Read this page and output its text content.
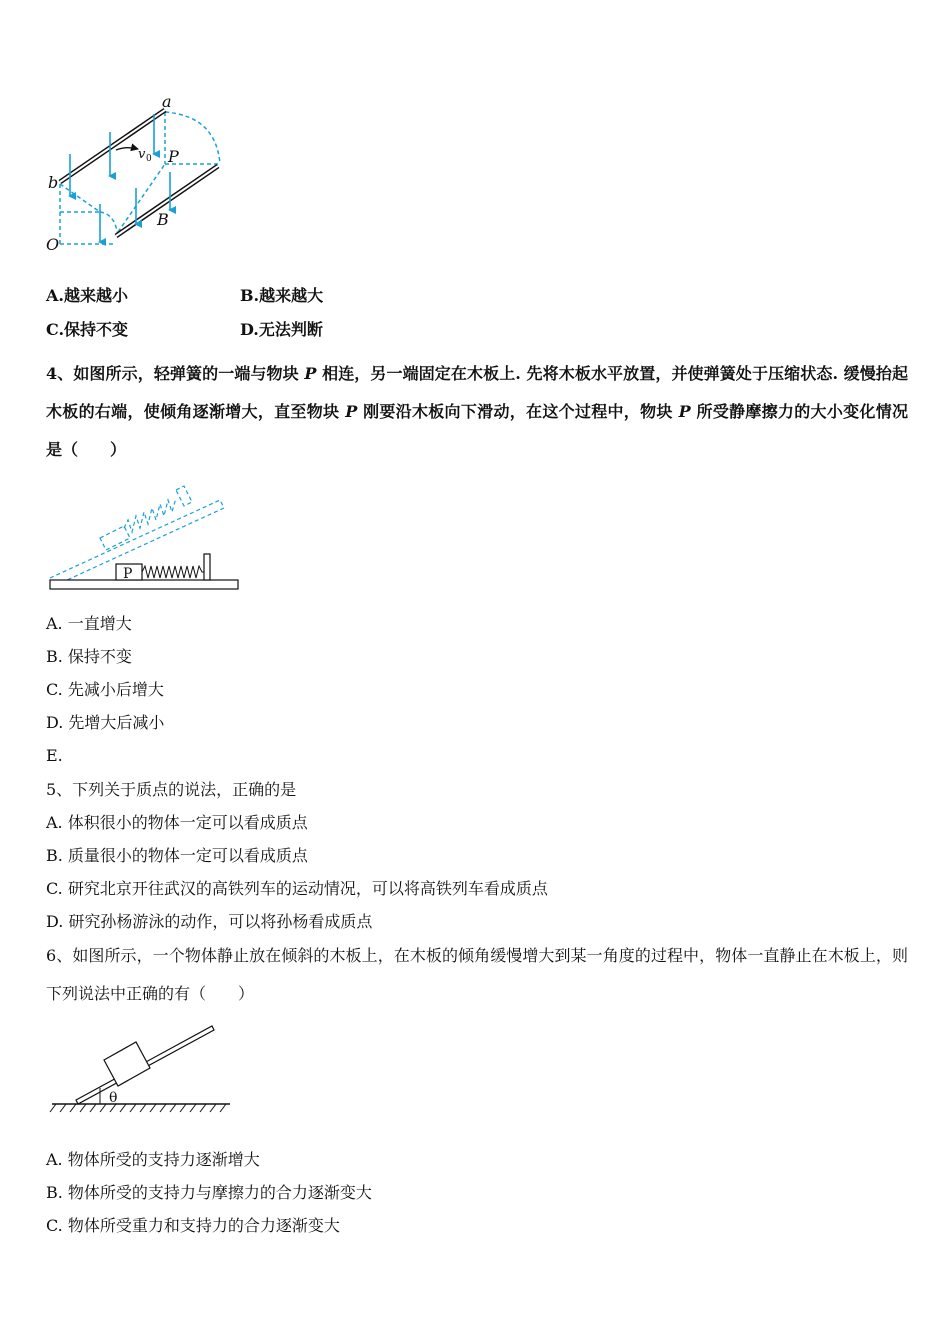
a
b
v 0 P
O
B
A.越来越小	B.越来越大
C.保持不变	D.无法判断
4、如图所示，轻弹簧的一端与物块 P 相连，另一端固定在木板上. 先将木板水平放置，并使弹簧处于压缩状态. 缓慢抬起木板的右端，使倾角逐渐增大，直至物块 P 刚要沿木板向下滑动，在这个过程中，物块 P 所受静摩擦力的大小变化情况是（　　）
P
A. 一直增大
B. 保持不变
C. 先减小后增大
D. 先增大后减小
E.
5、下列关于质点的说法，正确的是
A. 体积很小的物体一定可以看成质点
B. 质量很小的物体一定可以看成质点
C. 研究北京开往武汉的高铁列车的运动情况，可以将高铁列车看成质点
D. 研究孙杨游泳的动作，可以将孙杨看成质点
6、如图所示，一个物体静止放在倾斜的木板上，在木板的倾角缓慢增大到某一角度的过程中，物体一直静止在木板上，则下列说法中正确的有（　　）
θ
A. 物体所受的支持力逐渐增大
B. 物体所受的支持力与摩擦力的合力逐渐变大
C. 物体所受重力和支持力的合力逐渐变大
